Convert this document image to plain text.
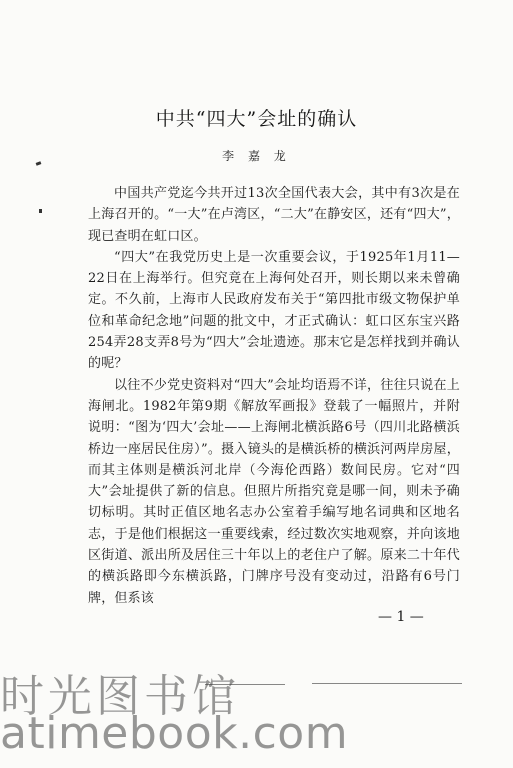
中共“四大”会址的确认
李 嘉 龙

中国共产党迄今共开过13次全国代表大会，其中有3次是在上海召开的。“一大”在卢湾区，“二大”在静安区，还有“四大”，现已查明在虹口区。

“四大”在我党历史上是一次重要会议，于1925年1月11—22日在上海举行。但究竟在上海何处召开，则长期以来未曾确定。不久前，上海市人民政府发布关于“第四批市级文物保护单位和革命纪念地”问题的批文中，才正式确认：虹口区东宝兴路254弄28支弄8号为“四大”会址遗迹。那末它是怎样找到并确认的呢？

以往不少党史资料对“四大”会址均语焉不详，往往只说在上海闸北。1982年第9期《解放军画报》登载了一幅照片，并附说明：“图为‘四大’会址——上海闸北横浜路6号（四川北路横浜桥边一座居民住房）”。摄入镜头的是横浜桥的横浜河两岸房屋，而其主体则是横浜河北岸（今海伦西路）数间民房。它对“四大”会址提供了新的信息。但照片所指究竟是哪一间，则未予确切标明。其时正值区地名志办公室着手编写地名词典和区地名志，于是他们根据这一重要线索，经过数次实地观察，并向该地区街道、派出所及居住三十年以上的老住户了解。原来二十年代的横浜路即今东横浜路，门牌序号没有变动过，沿路有6号门牌，但系该

— 1 —
时光图书馆
atimebook.com
